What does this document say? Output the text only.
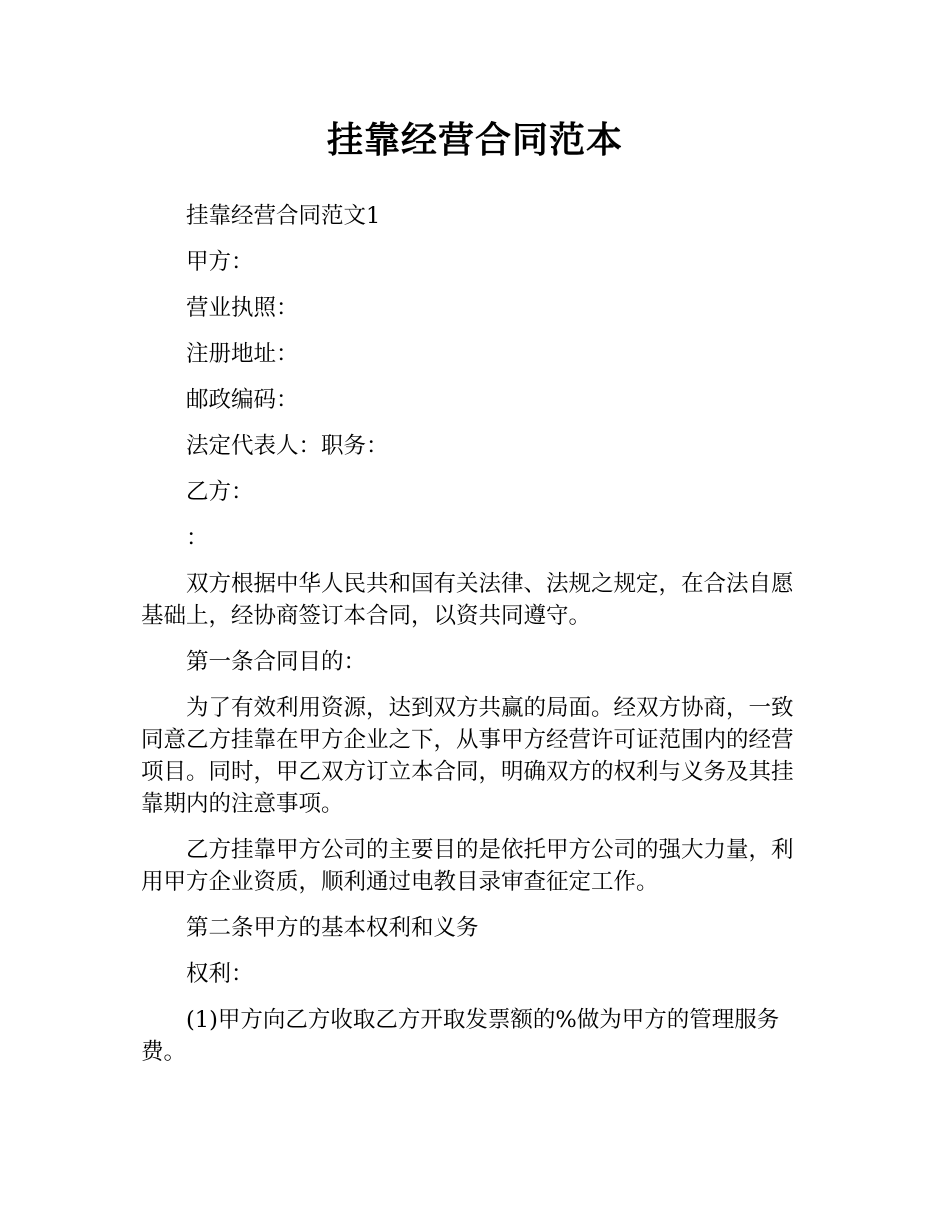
挂靠经营合同范本

挂靠经营合同范文1

甲方：

营业执照：

注册地址：

邮政编码：

法定代表人：职务：

乙方：

：

双方根据中华人民共和国有关法律、法规之规定，在合法自愿基础上，经协商签订本合同，以资共同遵守。

第一条合同目的：

为了有效利用资源，达到双方共赢的局面。经双方协商，一致同意乙方挂靠在甲方企业之下，从事甲方经营许可证范围内的经营项目。同时，甲乙双方订立本合同，明确双方的权利与义务及其挂靠期内的注意事项。

乙方挂靠甲方公司的主要目的是依托甲方公司的强大力量，利用甲方企业资质，顺利通过电教目录审查征定工作。

第二条甲方的基本权利和义务

权利：

(1)甲方向乙方收取乙方开取发票额的%做为甲方的管理服务费。
